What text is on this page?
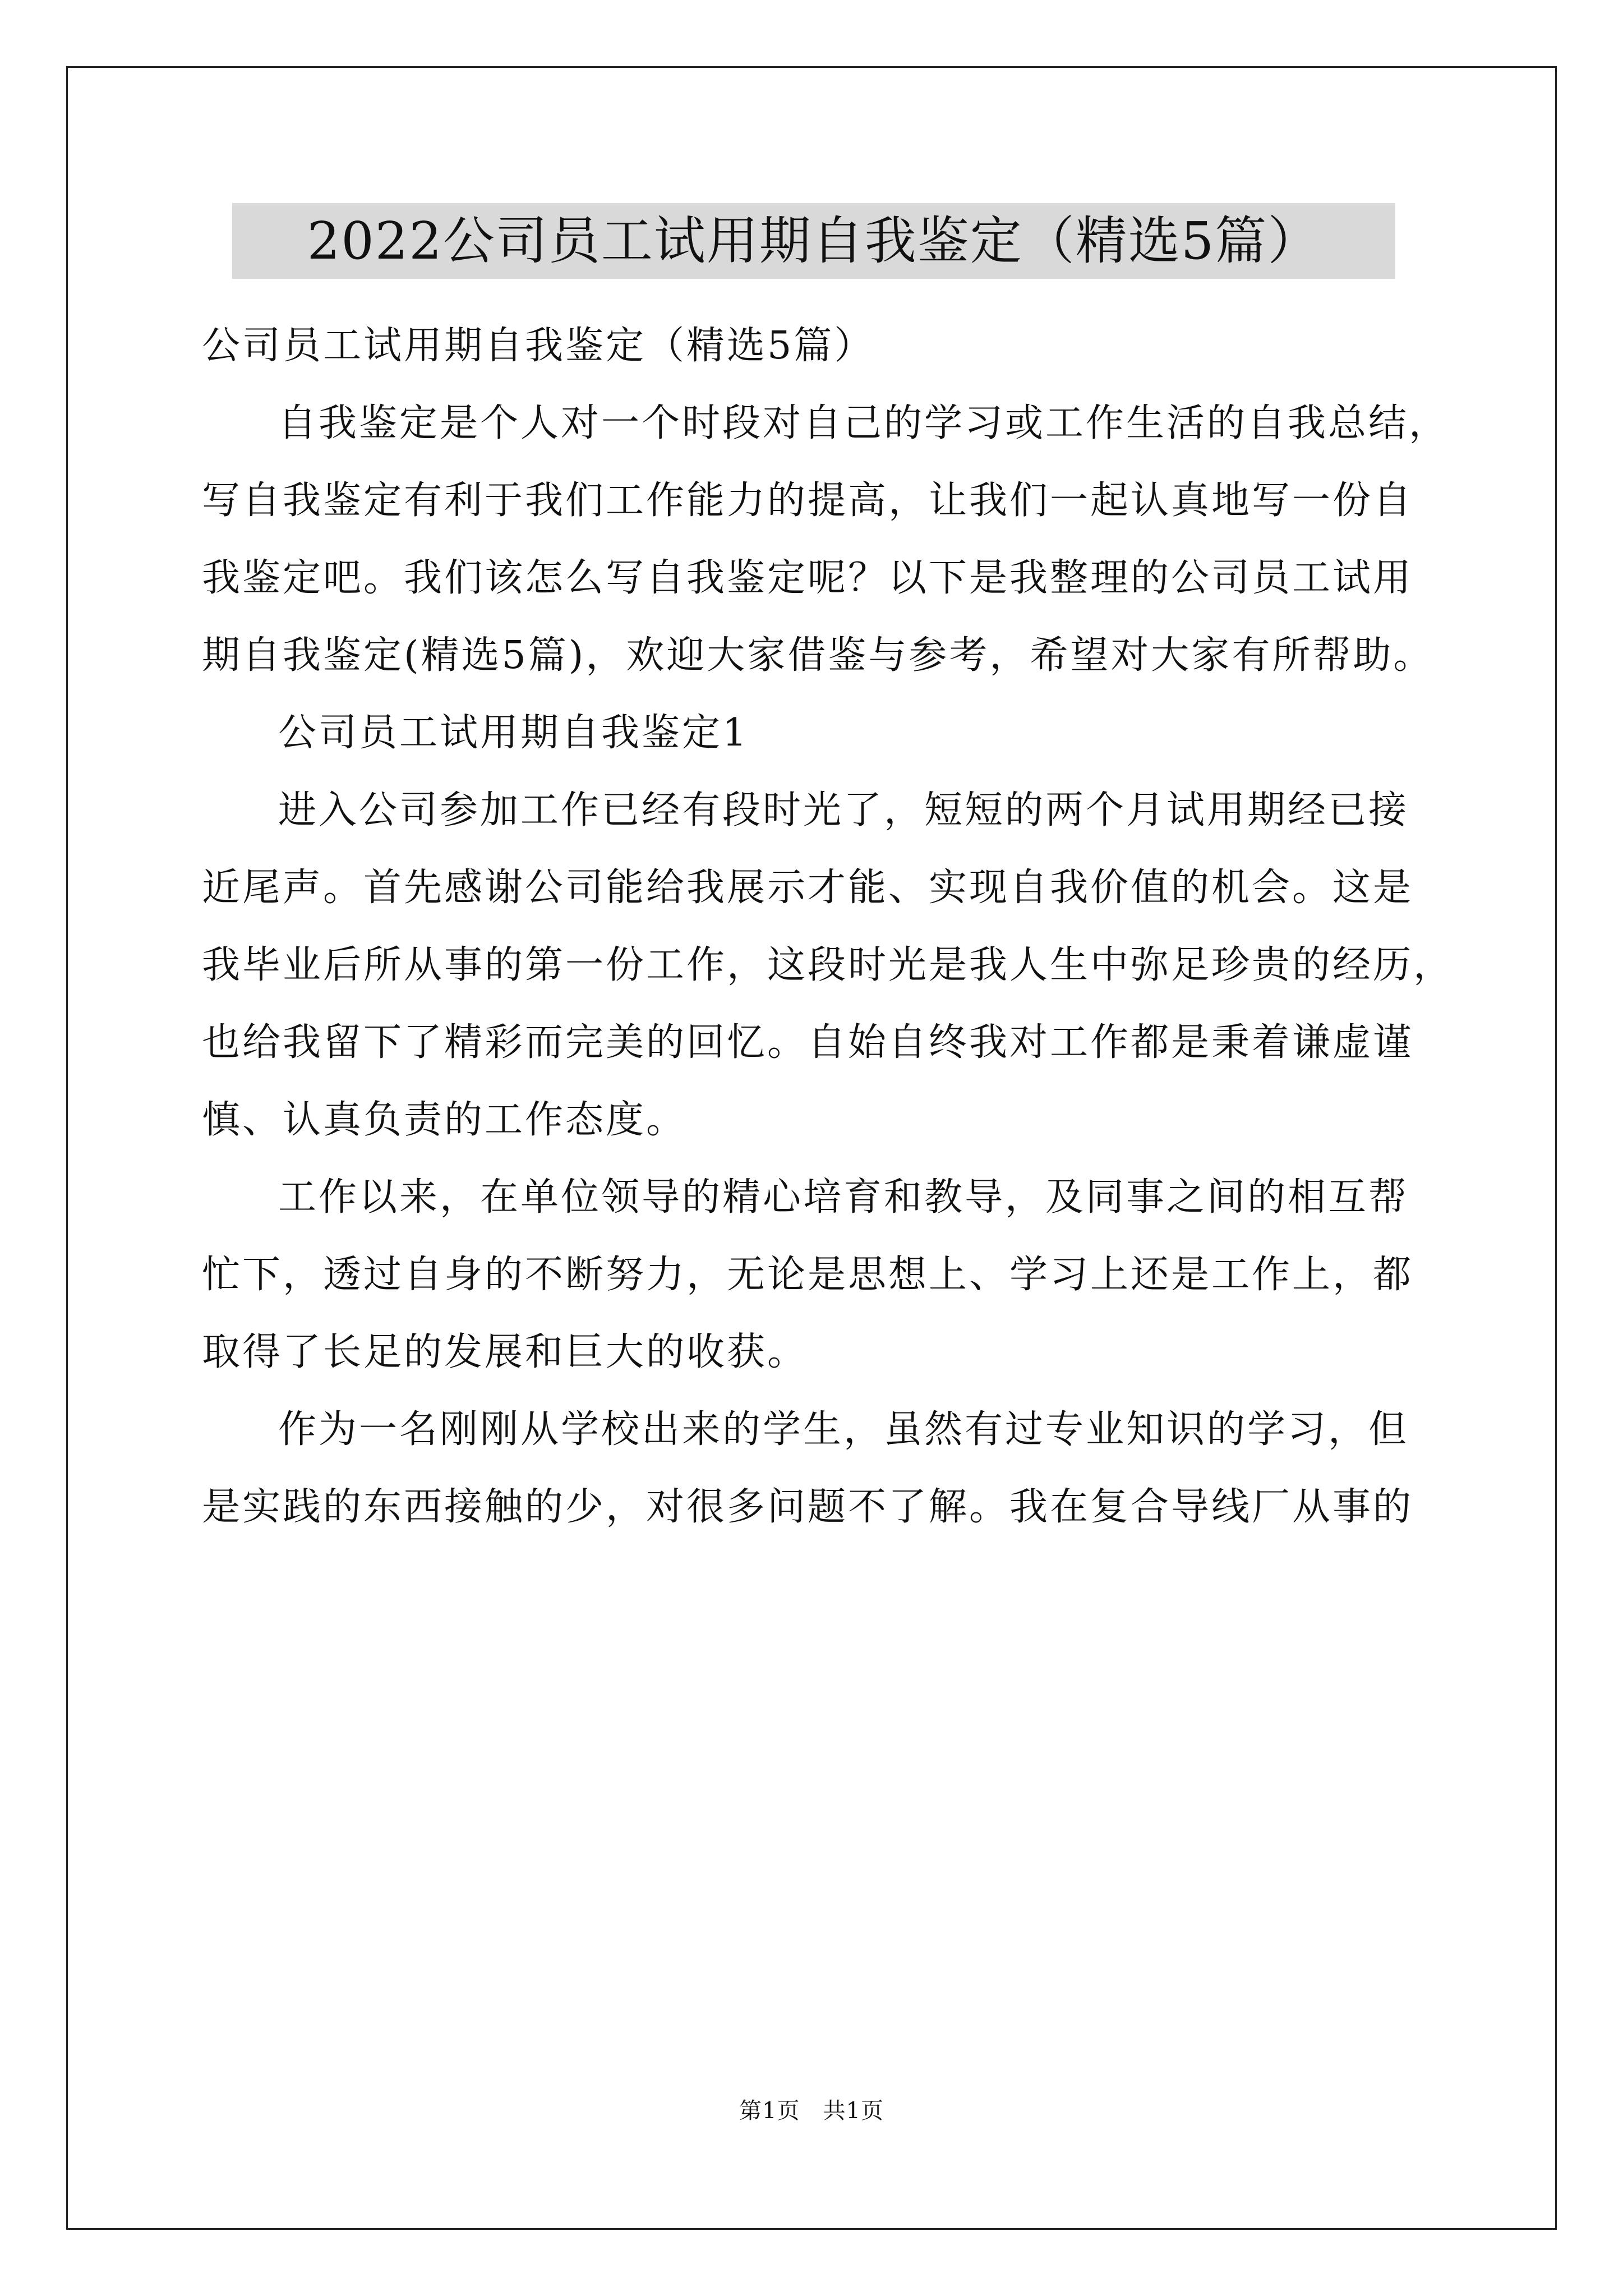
2022公司员工试用期自我鉴定（精选5篇）

公司员工试用期自我鉴定（精选5篇）

自我鉴定是个人对一个时段对自己的学习或工作生活的自我总结，
写自我鉴定有利于我们工作能力的提高，让我们一起认真地写一份自
我鉴定吧。我们该怎么写自我鉴定呢？以下是我整理的公司员工试用
期自我鉴定(精选5篇)，欢迎大家借鉴与参考，希望对大家有所帮助。

公司员工试用期自我鉴定1

进入公司参加工作已经有段时光了，短短的两个月试用期经已接
近尾声。首先感谢公司能给我展示才能、实现自我价值的机会。这是
我毕业后所从事的第一份工作，这段时光是我人生中弥足珍贵的经历，
也给我留下了精彩而完美的回忆。自始自终我对工作都是秉着谦虚谨
慎、认真负责的工作态度。

工作以来，在单位领导的精心培育和教导，及同事之间的相互帮
忙下，透过自身的不断努力，无论是思想上、学习上还是工作上，都
取得了长足的发展和巨大的收获。

作为一名刚刚从学校出来的学生，虽然有过专业知识的学习，但
是实践的东西接触的少，对很多问题不了解。我在复合导线厂从事的

第1页　共1页
